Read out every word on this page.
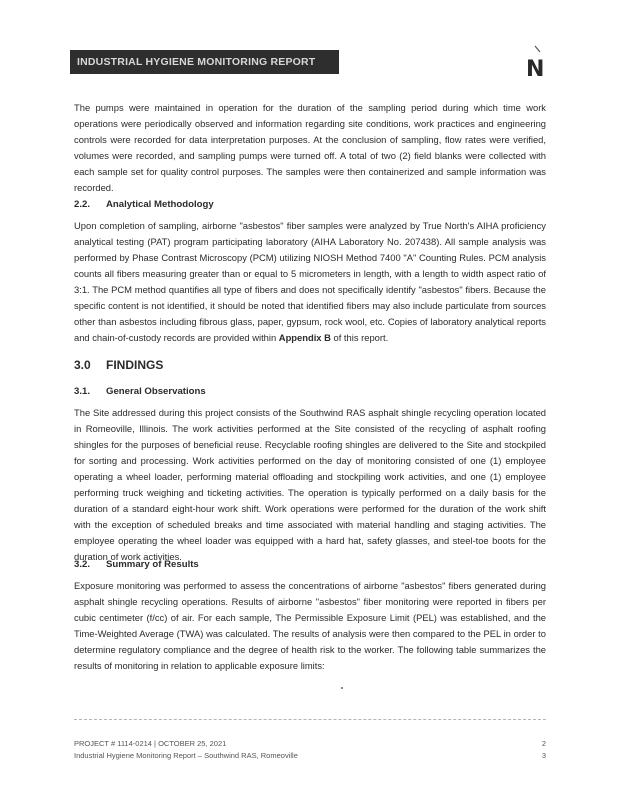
INDUSTRIAL HYGIENE MONITORING REPORT	N

The pumps were maintained in operation for the duration of the sampling period during which time work operations were periodically observed and information regarding site conditions, work practices and engineering controls were recorded for data interpretation purposes. At the conclusion of sampling, flow rates were verified, volumes were recorded, and sampling pumps were turned off. A total of two (2) field blanks were collected with each sample set for quality control purposes. The samples were then containerized and sample information was recorded.

2.2. Analytical Methodology

Upon completion of sampling, airborne "asbestos" fiber samples were analyzed by True North's AIHA proficiency analytical testing (PAT) program participating laboratory (AIHA Laboratory No. 207438). All sample analysis was performed by Phase Contrast Microscopy (PCM) utilizing NIOSH Method 7400 "A" Counting Rules. PCM analysis counts all fibers measuring greater than or equal to 5 micrometers in length, with a length to width aspect ratio of 3:1. The PCM method quantifies all type of fibers and does not specifically identify "asbestos" fibers. Because the specific content is not identified, it should be noted that identified fibers may also include particulate from sources other than asbestos including fibrous glass, paper, gypsum, rock wool, etc. Copies of laboratory analytical reports and chain-of-custody records are provided within Appendix B of this report.

3.0 FINDINGS
3.1. General Observations

The Site addressed during this project consists of the Southwind RAS asphalt shingle recycling operation located in Romeoville, Illinois. The work activities performed at the Site consisted of the recycling of asphalt roofing shingles for the purposes of beneficial reuse. Recyclable roofing shingles are delivered to the Site and stockpiled for sorting and processing. Work activities performed on the day of monitoring consisted of one (1) employee operating a wheel loader, performing material offloading and stockpiling work activities, and one (1) employee performing truck weighing and ticketing activities. The operation is typically performed on a daily basis for the duration of a standard eight-hour work shift. Work operations were performed for the duration of the work shift with the exception of scheduled breaks and time associated with material handling and staging activities. The employee operating the wheel loader was equipped with a hard hat, safety glasses, and steel-toe boots for the duration of work activities.

3.2. Summary of Results

Exposure monitoring was performed to assess the concentrations of airborne "asbestos" fibers generated during asphalt shingle recycling operations. Results of airborne "asbestos" fiber monitoring were reported in fibers per cubic centimeter (f/cc) of air. For each sample, The Permissible Exposure Limit (PEL) was established, and the Time-Weighted Average (TWA) was calculated. The results of analysis were then compared to the PEL in order to determine regulatory compliance and the degree of health risk to the worker. The following table summarizes the results of monitoring in relation to applicable exposure limits:

PROJECT # 1114-0214 | OCTOBER 25, 2021	2
Industrial Hygiene Monitoring Report – Southwind RAS, Romeoville	3
